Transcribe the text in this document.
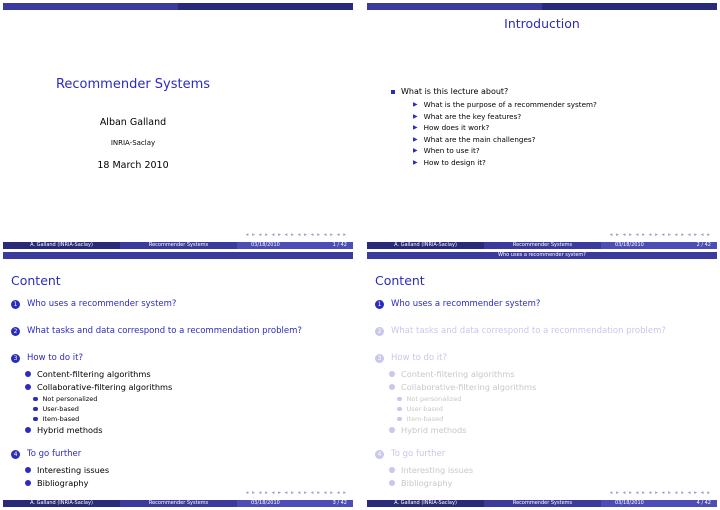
Recommender Systems
Alban Galland
INRIA-Saclay
18 March 2010
◂ ▸ ◂ ▸ ◂ ▸ ◂ ▸ ◂ ▸ ◂ ▸ ◂ ▸ ◂ ▸
A. Galland (INRIA-Saclay)	Recommender Systems	03/18/2010	1 / 42
Introduction
What is this lecture about?
▶ What is the purpose of a recommender system?
▶ What are the key features?
▶ How does it work?
▶ What are the main challenges?
▶ When to use it?
▶ How to design it?
◂ ▸ ◂ ▸ ◂ ▸ ◂ ▸ ◂ ▸ ◂ ▸ ◂ ▸ ◂ ▸
A. Galland (INRIA-Saclay)	Recommender Systems	03/18/2010	2 / 42
Who uses a recommender system?
Content
1	Who uses a recommender system?
2	What tasks and data correspond to a recommendation problem?
3	How to do it?
Content-filtering algorithms
Collaborative-filtering algorithms
Not personalized
User-based
Item-based
Hybrid methods
4	To go further
Interesting issues
Bibliography
◂ ▸ ◂ ▸ ◂ ▸ ◂ ▸ ◂ ▸ ◂ ▸ ◂ ▸ ◂ ▸
A. Galland (INRIA-Saclay)	Recommender Systems	03/18/2010	3 / 42
Content
1	Who uses a recommender system?
2	What tasks and data correspond to a recommendation problem?
3	How to do it?
Content-filtering algorithms
Collaborative-filtering algorithms
Not personalized
User-based
Item-based
Hybrid methods
4	To go further
Interesting issues
Bibliography
◂ ▸ ◂ ▸ ◂ ▸ ◂ ▸ ◂ ▸ ◂ ▸ ◂ ▸ ◂ ▸
A. Galland (INRIA-Saclay)	Recommender Systems	03/18/2010	4 / 42
